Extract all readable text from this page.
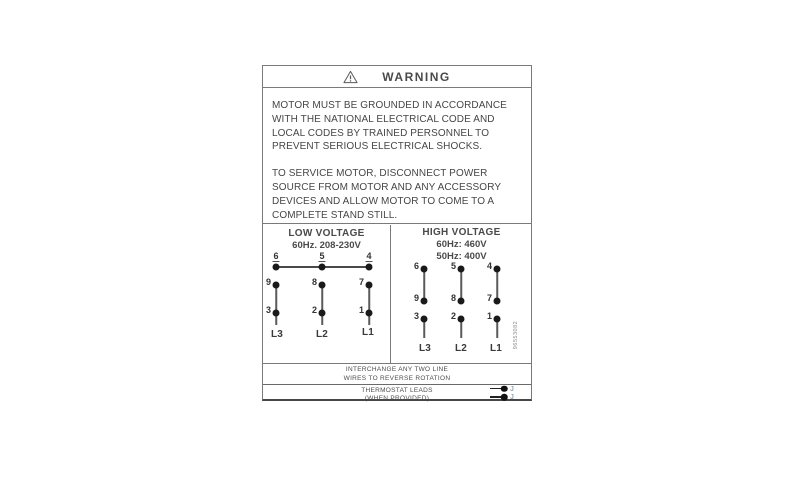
WARNING

MOTOR MUST BE GROUNDED IN ACCORDANCE WITH THE NATIONAL ELECTRICAL CODE AND LOCAL CODES BY TRAINED PERSONNEL TO PREVENT SERIOUS ELECTRICAL SHOCKS.

TO SERVICE MOTOR, DISCONNECT POWER SOURCE FROM MOTOR AND ANY ACCESSORY DEVICES AND ALLOW MOTOR TO COME TO A COMPLETE STAND STILL.

LOW VOLTAGE
60Hz. 208-230V
6	5	4
9	8	7
3	2	1
L3	L2	L1
HIGH VOLTAGE
60Hz: 460V
50Hz: 400V
6	5	4
9	8	7
3	2	1
L3 L2 L1 96553082
INTERCHANGE ANY TWO LINE
WIRES TO REVERSE ROTATION
THERMOSTAT LEADS
(WHEN PROVIDED)
J
J
